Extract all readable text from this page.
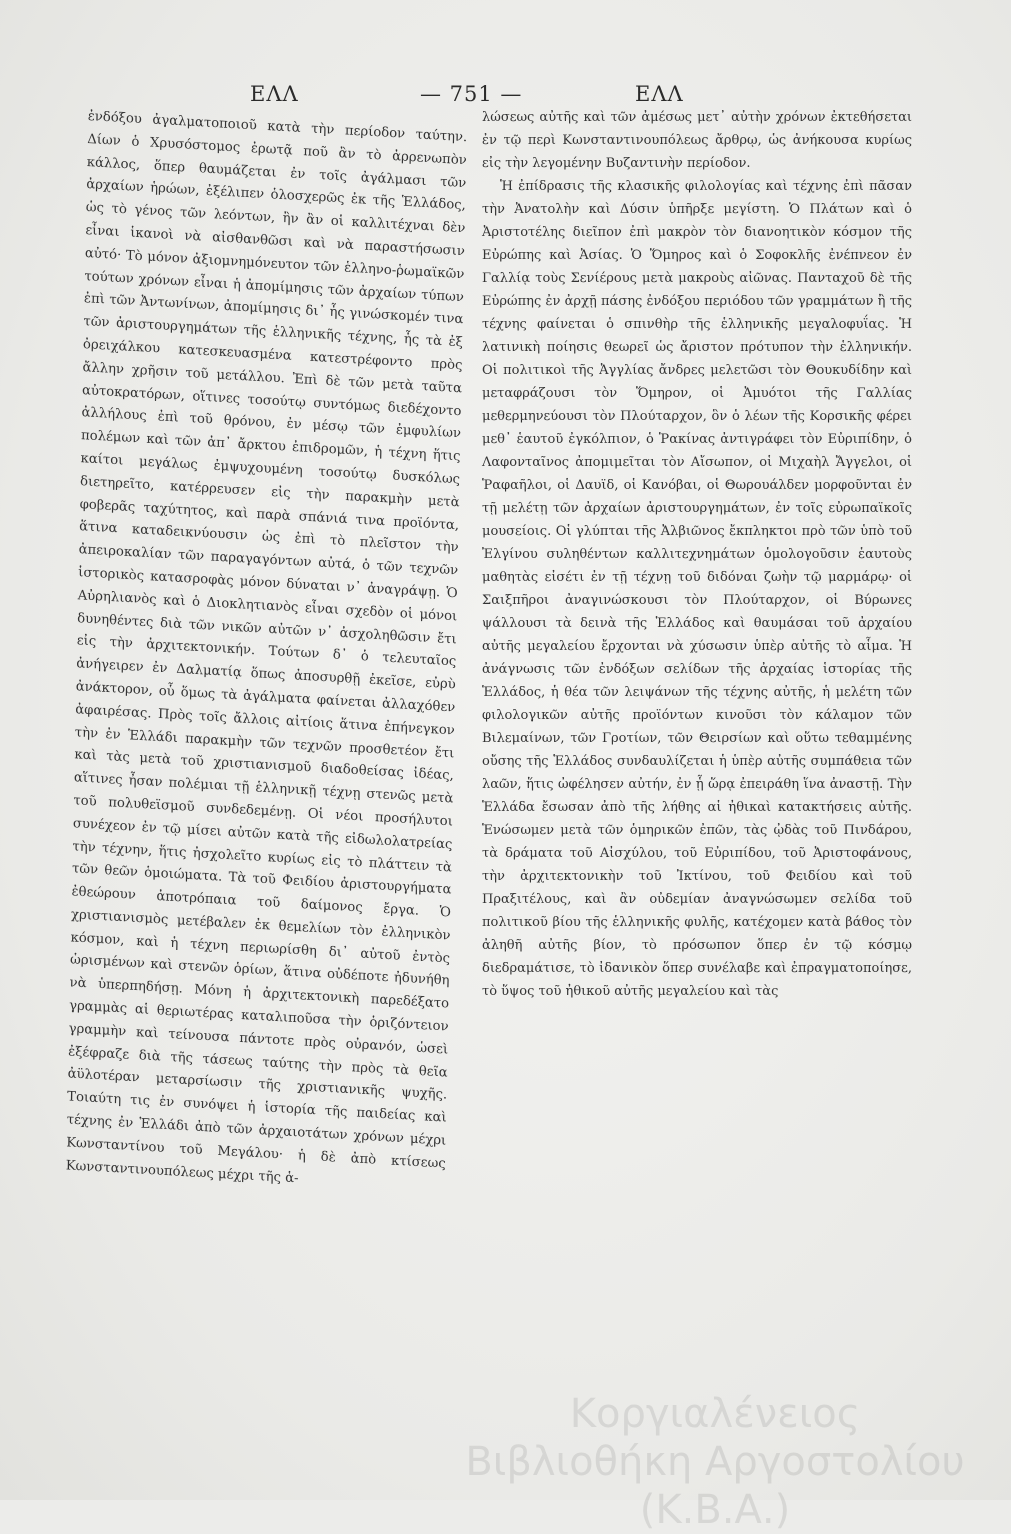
ΕΛΛ	— 751 —	ΕΛΛ

ἐνδόξου ἀγαλματοποιοῦ κατὰ τὴν περίοδον ταύτην. Δίων ὁ Χρυσόστομος ἐρωτᾷ ποῦ ἂν τὸ ἀρρενωπὸν κάλλος, ὅπερ θαυμάζεται ἐν τοῖς ἀγάλμασι τῶν ἀρχαίων ἡρώων, ἐξέλιπεν ὁλοσχερῶς ἐκ τῆς Ἑλλάδος, ὡς τὸ γένος τῶν λεόντων, ἢν ἂν οἱ καλλιτέχναι δὲν εἶναι ἱκανοὶ νὰ αἰσθανθῶσι καὶ νὰ παραστήσωσιν αὐτό· Τὸ μόνον ἀξιομνημόνευτον τῶν ἑλληνο-ῥωμαϊκῶν τούτων χρόνων εἶναι ἡ ἀπομίμησις τῶν ἀρχαίων τύπων ἐπὶ τῶν Ἀντωνίνων, ἀπομίμησις δι᾽ ἧς γινώσκομέν τινα τῶν ἀριστουργημάτων τῆς ἑλληνικῆς τέχνης, ἧς τὰ ἐξ ὀρειχάλκου κατεσκευασμένα κατεστρέφοντο πρὸς ἄλλην χρῆσιν τοῦ μετάλλου. Ἐπὶ δὲ τῶν μετὰ ταῦτα αὐτοκρατόρων, οἵτινες τοσούτῳ συντόμως διεδέχοντο ἀλλήλους ἐπὶ τοῦ θρόνου, ἐν μέσῳ τῶν ἐμφυλίων πολέμων καὶ τῶν ἀπ᾽ ἄρκτου ἐπιδρομῶν, ἡ τέχνη ἥτις καίτοι μεγάλως ἐμψυχουμένη τοσούτῳ δυσκόλως διετηρεῖτο, κατέρρευσεν εἰς τὴν παρακμὴν μετὰ φοβερᾶς ταχύτητος, καὶ παρὰ σπάνιά τινα προϊόντα, ἅτινα καταδεικνύουσιν ὡς ἐπὶ τὸ πλεῖστον τὴν ἀπειροκαλίαν τῶν παραγαγόντων αὐτά, ὁ τῶν τεχνῶν ἱστορικὸς κατασροφὰς μόνον δύναται ν᾽ ἀναγράψῃ. Ὁ Αὐρηλιανὸς καὶ ὁ Διοκλητιανὸς εἶναι σχεδὸν οἱ μόνοι δυνηθέντες διὰ τῶν νικῶν αὐτῶν ν᾽ ἀσχοληθῶσιν ἔτι εἰς τὴν ἀρχιτεκτονικήν. Τούτων δ᾽ ὁ τελευταῖος ἀνήγειρεν ἐν Δαλματίᾳ ὅπως ἀποσυρθῇ ἐκεῖσε, εὐρὺ ἀνάκτορον, οὗ ὅμως τὰ ἀγάλματα φαίνεται ἀλλαχόθεν ἀφαιρέσας. Πρὸς τοῖς ἄλλοις αἰτίοις ἅτινα ἐπήνεγκον τὴν ἐν Ἑλλάδι παρακμὴν τῶν τεχνῶν προσθετέον ἔτι καὶ τὰς μετὰ τοῦ χριστιανισμοῦ διαδοθείσας ἰδέας, αἵτινες ἦσαν πολέμιαι τῇ ἑλληνικῇ τέχνῃ στενῶς μετὰ τοῦ πολυθεϊσμοῦ συνδεδεμένῃ. Οἱ νέοι προσήλυτοι συνέχεον ἐν τῷ μίσει αὐτῶν κατὰ τῆς εἰδωλολατρείας τὴν τέχνην, ἥτις ἠσχολεῖτο κυρίως εἰς τὸ πλάττειν τὰ τῶν θεῶν ὁμοιώματα. Τὰ τοῦ Φειδίου ἀριστουργήματα ἐθεώρουν ἀποτρόπαια τοῦ δαίμονος ἔργα. Ὁ χριστιανισμὸς μετέβαλεν ἐκ θεμελίων τὸν ἐλληνικὸν κόσμον, καὶ ἡ τέχνη περιωρίσθη δι᾽ αὐτοῦ ἐντὸς ὡρισμένων καὶ στενῶν ὁρίων, ἅτινα οὐδέποτε ἠδυνήθη νὰ ὑπερπηδήσῃ. Μόνη ἡ ἀρχιτεκτονικὴ παρεδέξατο γραμμὰς αἱ θεριωτέρας καταλιποῦσα τὴν ὁριζόντειον γραμμὴν καὶ τείνουσα πάντοτε πρὸς οὐρανόν, ὡσεὶ ἐξέφραζε διὰ τῆς τάσεως ταύτης τὴν πρὸς τὰ θεῖα ἀϋλοτέραν μεταρσίωσιν τῆς χριστιανικῆς ψυχῆς. Τοιαύτη τις ἐν συνόψει ἡ ἱστορία τῆς παιδείας καὶ τέχνης ἐν Ἑλλάδι ἀπὸ τῶν ἀρχαιοτάτων χρόνων μέχρι Κωνσταντίνου τοῦ Μεγάλου· ἡ δὲ ἀπὸ κτίσεως Κωνσταντινουπόλεως μέχρι τῆς ἁ-

λώσεως αὐτῆς καὶ τῶν ἀμέσως μετ᾽ αὐτὴν χρόνων ἐκτεθήσεται ἐν τῷ περὶ Κωνσταντινουπόλεως ἄρθρῳ, ὡς ἀνήκουσα κυρίως εἰς τὴν λεγομένην Βυζαντινὴν περίοδον.

Ἡ ἐπίδρασις τῆς κλασικῆς φιλολογίας καὶ τέχνης ἐπὶ πᾶσαν τὴν Ἀνατολὴν καὶ Δύσιν ὑπῆρξε μεγίστη. Ὁ Πλάτων καὶ ὁ Ἀριστοτέλης διεῖπον ἐπὶ μακρὸν τὸν διανοητικὸν κόσμον τῆς Εὐρώπης καὶ Ἀσίας. Ὁ Ὅμηρος καὶ ὁ Σοφοκλῆς ἐνέπνεον ἐν Γαλλίᾳ τοὺς Σενίέρους μετὰ μακροὺς αἰῶνας. Πανταχοῦ δὲ τῆς Εὐρώπης ἐν ἀρχῇ πάσης ἐνδόξου περιόδου τῶν γραμμάτων ἢ τῆς τέχνης φαίνεται ὁ σπινθὴρ τῆς ἑλληνικῆς μεγαλοφυΐας. Ἡ λατινικὴ ποίησις θεωρεῖ ὡς ἄριστον πρότυπον τὴν ἑλληνικήν. Οἱ πολιτικοὶ τῆς Ἀγγλίας ἄνδρες μελετῶσι τὸν Θουκυδίδην καὶ μεταφράζουσι τὸν Ὅμηρον, οἱ Ἀμυότοι τῆς Γαλλίας μεθερμηνεύουσι τὸν Πλούταρχον, ὃν ὁ λέων τῆς Κορσικῆς φέρει μεθ᾽ ἑαυτοῦ ἐγκόλπιον, ὁ Ῥακίνας ἀντιγράφει τὸν Εὐριπίδην, ὁ Λαφονταῖνος ἀπομιμεῖται τὸν Αἴσωπον, οἱ Μιχαὴλ Ἄγγελοι, οἱ Ῥαφαῆλοι, οἱ Δαυϊδ, οἱ Κανόβαι, οἱ Θωρουάλδεν μορφοῦνται ἐν τῇ μελέτῃ τῶν ἀρχαίων ἀριστουργημάτων, ἐν τοῖς εὐρωπαϊκοῖς μουσείοις. Οἱ γλύπται τῆς Ἀλβιῶνος ἔκπληκτοι πρὸ τῶν ὑπὸ τοῦ Ἐλγίνου συληθέντων καλλιτεχνημάτων ὁμολογοῦσιν ἑαυτοὺς μαθητὰς εἰσέτι ἐν τῇ τέχνῃ τοῦ διδόναι ζωὴν τῷ μαρμάρῳ· οἱ Σαιξπῆροι ἀναγινώσκουσι τὸν Πλούταρχον, οἱ Βύρωνες ψάλλουσι τὰ δεινὰ τῆς Ἑλλάδος καὶ θαυμάσαι τοῦ ἀρχαίου αὐτῆς μεγαλείου ἔρχονται νὰ χύσωσιν ὑπὲρ αὐτῆς τὸ αἷμα. Ἡ ἀνάγνωσις τῶν ἐνδόξων σελίδων τῆς ἀρχαίας ἱστορίας τῆς Ἑλλάδος, ἡ θέα τῶν λειψάνων τῆς τέχνης αὐτῆς, ἡ μελέτη τῶν φιλολογικῶν αὐτῆς προϊόντων κινοῦσι τὸν κάλαμον τῶν Βιλεμαίνων, τῶν Γροτίων, τῶν Θειρσίων καὶ οὕτω τεθαμμένης οὔσης τῆς Ἑλλάδος συνδαυλίζεται ἡ ὑπὲρ αὐτῆς συμπάθεια τῶν λαῶν, ἥτις ὠφέλησεν αὐτήν, ἐν ᾗ ὥρᾳ ἐπειράθη ἵνα ἀναστῇ. Τὴν Ἑλλάδα ἔσωσαν ἀπὸ τῆς λήθης αἱ ἠθικαὶ κατακτήσεις αὐτῆς. Ἑνώσωμεν μετὰ τῶν ὁμηρικῶν ἐπῶν, τὰς ᾠδὰς τοῦ Πινδάρου, τὰ δράματα τοῦ Αἰσχύλου, τοῦ Εὐριπίδου, τοῦ Ἀριστοφάνους, τὴν ἀρχιτεκτονικὴν τοῦ Ἰκτίνου, τοῦ Φειδίου καὶ τοῦ Πραξιτέλους, καὶ ἂν οὐδεμίαν ἀναγνώσωμεν σελίδα τοῦ πολιτικοῦ βίου τῆς ἑλληνικῆς φυλῆς, κατέχομεν κατὰ βάθος τὸν ἀληθῆ αὐτῆς βίον, τὸ πρόσωπον ὅπερ ἐν τῷ κόσμῳ διεδραμάτισε, τὸ ἰδανικὸν ὅπερ συνέλαβε καὶ ἐπραγματοποίησε, τὸ ὕψος τοῦ ἠθικοῦ αὐτῆς μεγαλείου καὶ τὰς

Κοργιαλένειος Βιβλιοθήκη Αργοστολίου (Κ.Β.Α.)
